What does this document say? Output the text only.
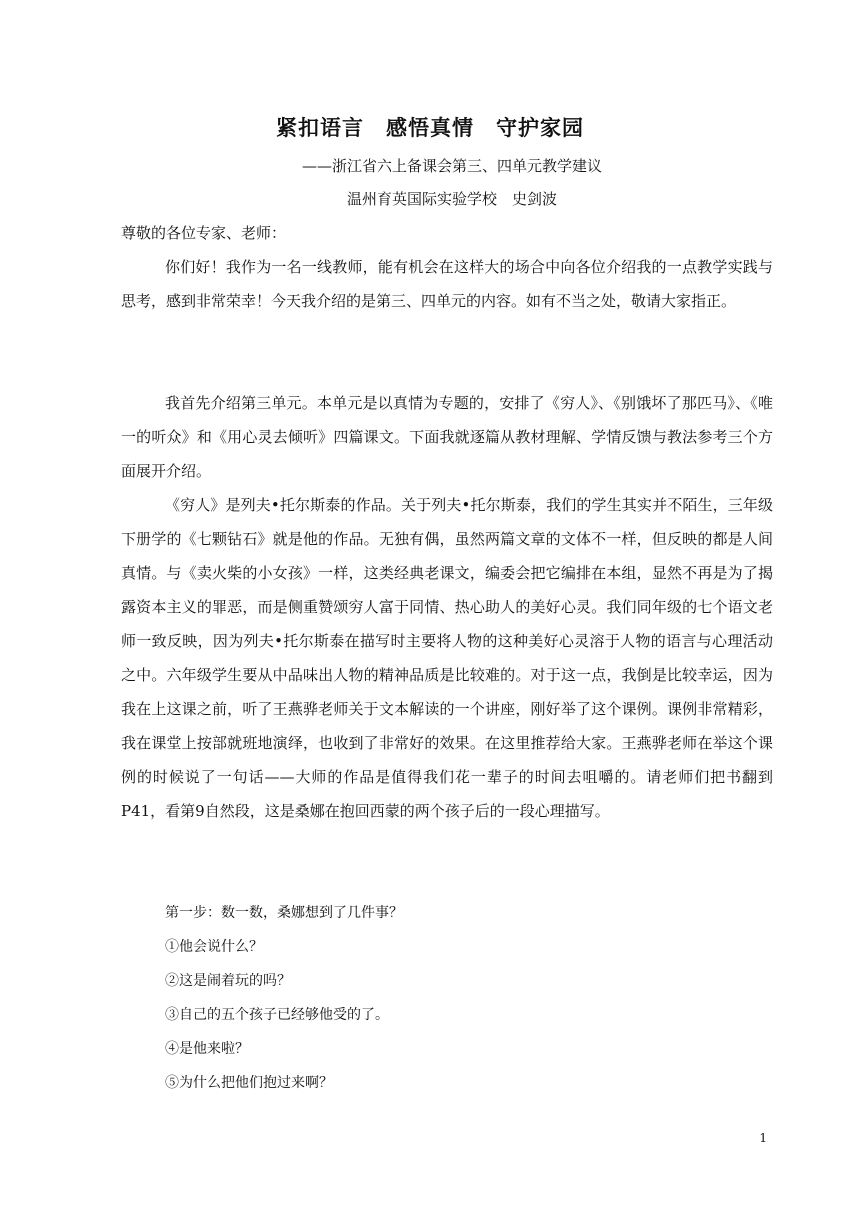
紧扣语言　感悟真情　守护家园
——浙江省六上备课会第三、四单元教学建议
温州育英国际实验学校　史剑波
尊敬的各位专家、老师：
你们好！我作为一名一线教师，能有机会在这样大的场合中向各位介绍我的一点教学实践与思考，感到非常荣幸！今天我介绍的是第三、四单元的内容。如有不当之处，敬请大家指正。
我首先介绍第三单元。本单元是以真情为专题的，安排了《穷人》、《别饿坏了那匹马》、《唯一的听众》和《用心灵去倾听》四篇课文。下面我就逐篇从教材理解、学情反馈与教法参考三个方面展开介绍。
《穷人》是列夫•托尔斯泰的作品。关于列夫•托尔斯泰，我们的学生其实并不陌生，三年级下册学的《七颗钻石》就是他的作品。无独有偶，虽然两篇文章的文体不一样，但反映的都是人间真情。与《卖火柴的小女孩》一样，这类经典老课文，编委会把它编排在本组，显然不再是为了揭露资本主义的罪恶，而是侧重赞颂穷人富于同情、热心助人的美好心灵。我们同年级的七个语文老师一致反映，因为列夫•托尔斯泰在描写时主要将人物的这种美好心灵溶于人物的语言与心理活动之中。六年级学生要从中品味出人物的精神品质是比较难的。对于这一点，我倒是比较幸运，因为我在上这课之前，听了王燕骅老师关于文本解读的一个讲座，刚好举了这个课例。课例非常精彩，我在课堂上按部就班地演绎，也收到了非常好的效果。在这里推荐给大家。王燕骅老师在举这个课例的时候说了一句话——大师的作品是值得我们花一辈子的时间去咀嚼的。请老师们把书翻到P41，看第9自然段，这是桑娜在抱回西蒙的两个孩子后的一段心理描写。
第一步：数一数，桑娜想到了几件事？
①他会说什么？
②这是闹着玩的吗？
③自己的五个孩子已经够他受的了。
④是他来啦？
⑤为什么把他们抱过来啊？
1
